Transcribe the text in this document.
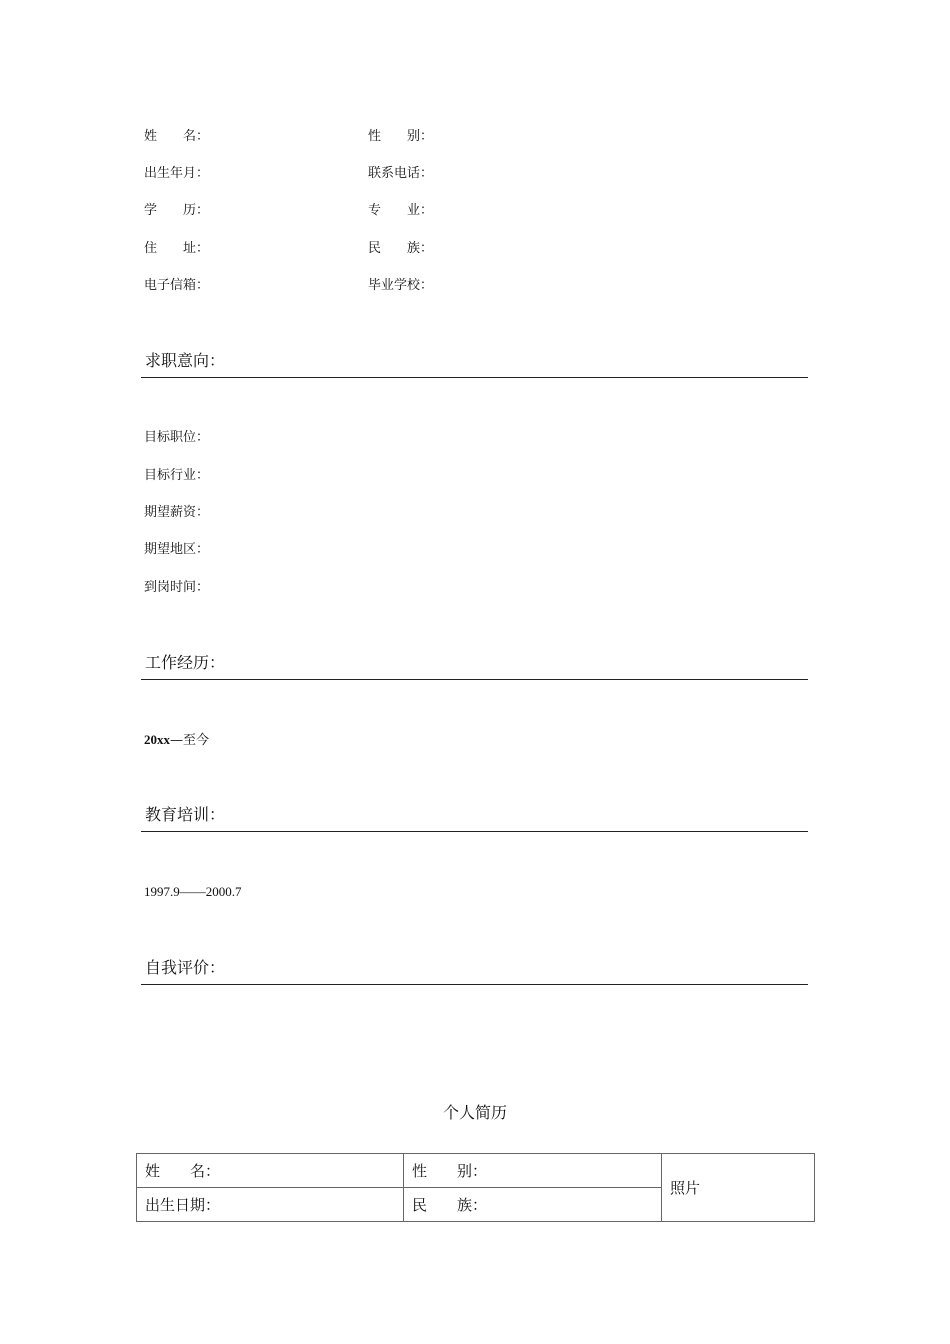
姓　　名：	性　　别：
出生年月：	联系电话：
学　　历：	专　　业：
住　　址：	民　　族：
电子信箱：	毕业学校：
求职意向：
目标职位：
目标行业：
期望薪资：
期望地区：
到岗时间：
工作经历：
20xx—至今
教育培训：
1997.9——2000.7
自我评价：
个人简历
姓　　名：	性　　别：	照片
出生日期：	民　　族：	
